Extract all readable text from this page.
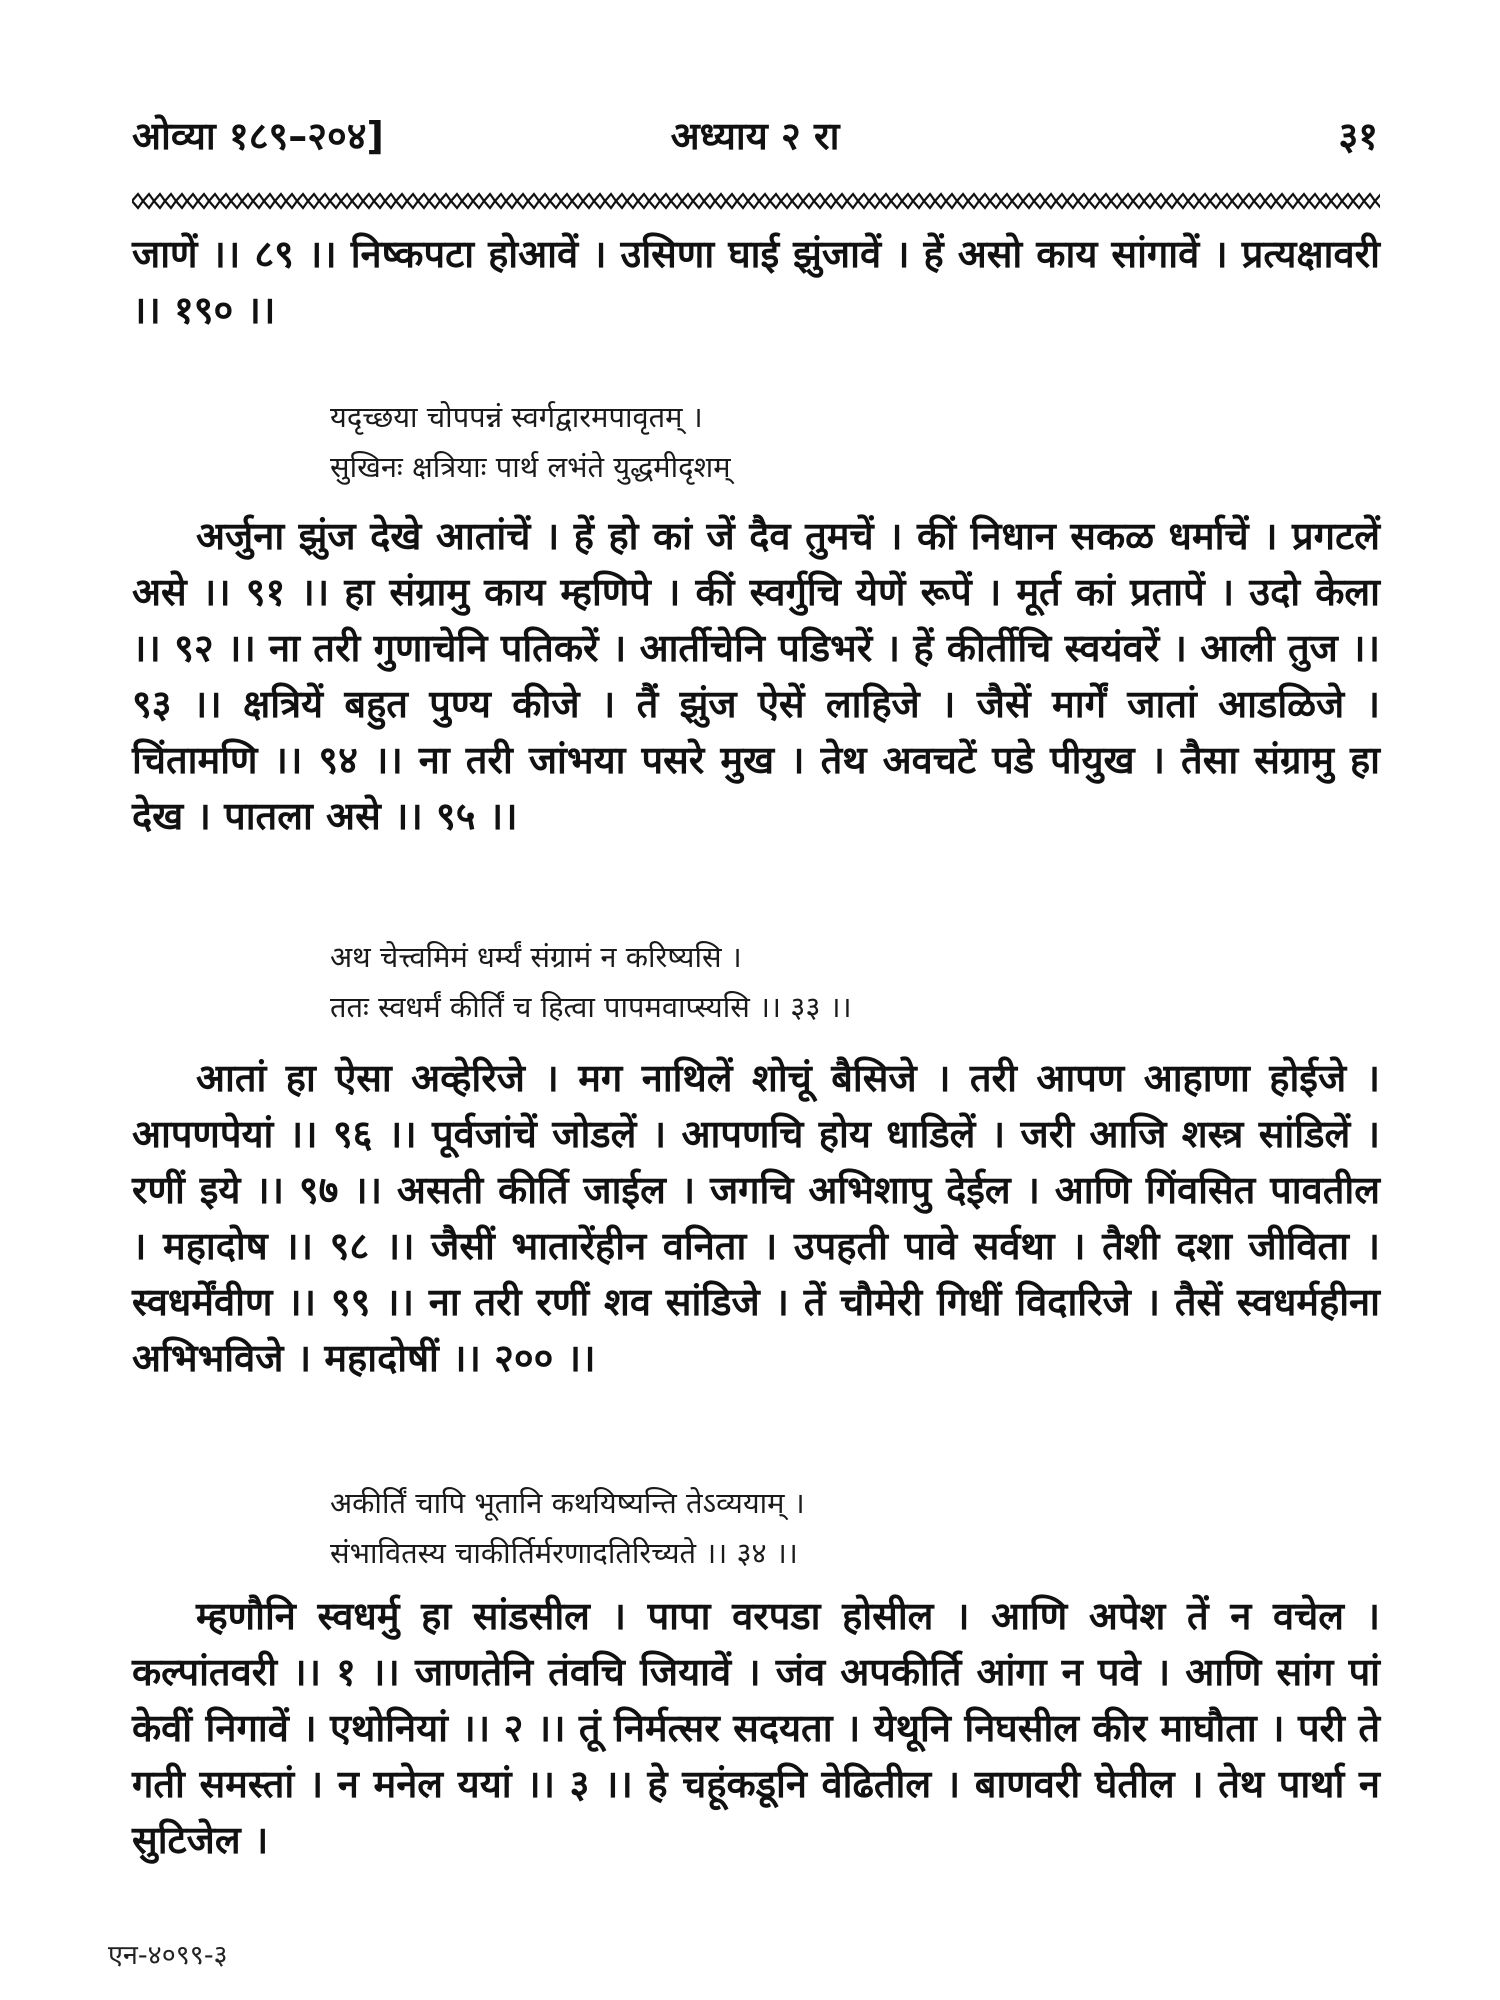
ओव्या १८९–२०४]	अध्याय २ रा	३१

जाणें ।। ८९ ।। निष्कपटा होआवें । उसिणा घाई झुंजावें । हें असो काय सांगावें । प्रत्यक्षावरी ।। १९० ।।

यदृच्छया चोपपन्नं स्वर्गद्वारमपावृतम् ।
सुखिनः क्षत्रियाः पार्थ लभंते युद्धमीदृशम्

अर्जुना झुंज देखे आतांचें । हें हो कां जें दैव तुमचें । कीं निधान सकळ धर्माचें । प्रगटलें असे ।। ९१ ।। हा संग्रामु काय म्हणिपे । कीं स्वर्गुचि येणें रूपें । मूर्त कां प्रतापें । उदो केला ।। ९२ ।। ना तरी गुणाचेनि पतिकरें । आर्तीचेनि पडिभरें । हें कीर्तीचि स्वयंवरें । आली तुज ।। ९३ ।। क्षत्रियें बहुत पुण्य कीजे । तैं झुंज ऐसें लाहिजे । जैसें मार्गें जातां आडळिजे । चिंतामणि ।। ९४ ।। ना तरी जांभया पसरे मुख । तेथ अवचटें पडे पीयुख । तैसा संग्रामु हा देख । पातला असे ।। ९५ ।।

अथ चेत्त्वमिमं धर्म्यं संग्रामं न करिष्यसि ।
ततः स्वधर्मं कीर्तिं च हित्वा पापमवाप्स्यसि ।। ३३ ।।

आतां हा ऐसा अव्हेरिजे । मग नाथिलें शोचूं बैसिजे । तरी आपण आहाणा होईजे । आपणपेयां ।। ९६ ।। पूर्वजांचें जोडलें । आपणचि होय धाडिलें । जरी आजि शस्त्र सांडिलें । रणीं इये ।। ९७ ।। असती कीर्ति जाईल । जगचि अभिशापु देईल । आणि गिंवसित पावतील । महादोष ।। ९८ ।। जैसीं भातारेंहीन वनिता । उपहती पावे सर्वथा । तैशी दशा जीविता । स्वधर्मेंवीण ।। ९९ ।। ना तरी रणीं शव सांडिजे । तें चौमेरी गिधीं विदारिजे । तैसें स्वधर्महीना अभिभविजे । महादोषीं ।। २०० ।।

अकीर्तिं चापि भूतानि कथयिष्यन्ति तेऽव्ययाम् ।
संभावितस्य चाकीर्तिर्मरणादतिरिच्यते ।। ३४ ।।

म्हणौनि स्वधर्मु हा सांडसील । पापा वरपडा होसील । आणि अपेश तें न वचेल । कल्पांतवरी ।। १ ।। जाणतेनि तंवचि जियावें । जंव अपकीर्ति आंगा न पवे । आणि सांग पां केवीं निगावें । एथोनियां ।। २ ।। तूं निर्मत्सर सदयता । येथूनि निघसील कीर माघौता । परी ते गती समस्तां । न मनेल ययां ।। ३ ।। हे चहूंकडूनि वेढितील । बाणवरी घेतील । तेथ पार्था न सुटिजेल ।

एन-४०९९-३
